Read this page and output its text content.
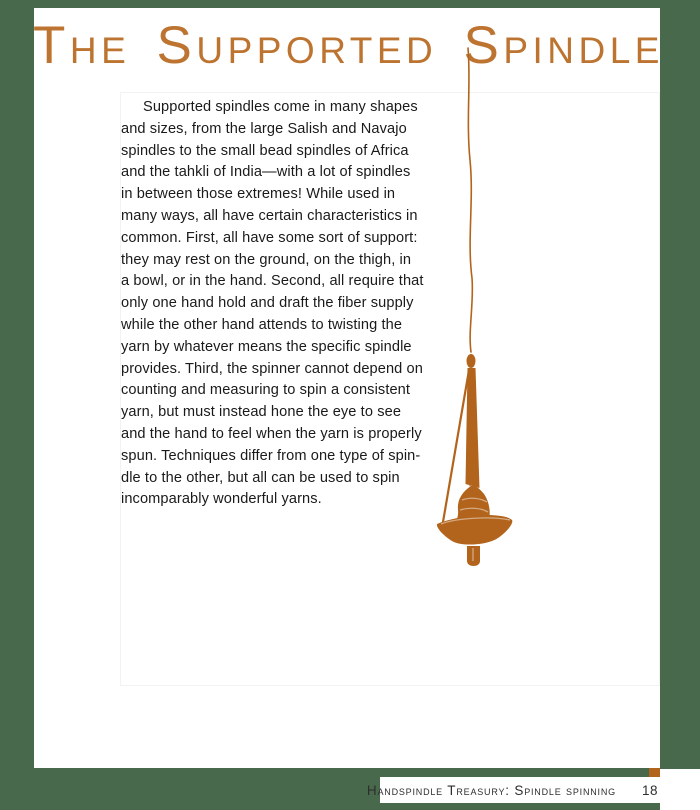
The Supported Spindle
Supported spindles come in many shapes
and sizes, from the large Salish and Navajo
spindles to the small bead spindles of Africa
and the tahkli of India—with a lot of spindles
in between those extremes! While used in
many ways, all have certain characteristics in
common. First, all have some sort of support:
they may rest on the ground, on the thigh, in
a bowl, or in the hand. Second, all require that
only one hand hold and draft the fiber supply
while the other hand attends to twisting the
yarn by whatever means the specific spindle
provides. Third, the spinner cannot depend on
counting and measuring to spin a consistent
yarn, but must instead hone the eye to see
and the hand to feel when the yarn is properly
spun. Techniques differ from one type of spin-
dle to the other, but all can be used to spin
incomparably wonderful yarns.
Handspindle Treasury: Spindle spinning 18
